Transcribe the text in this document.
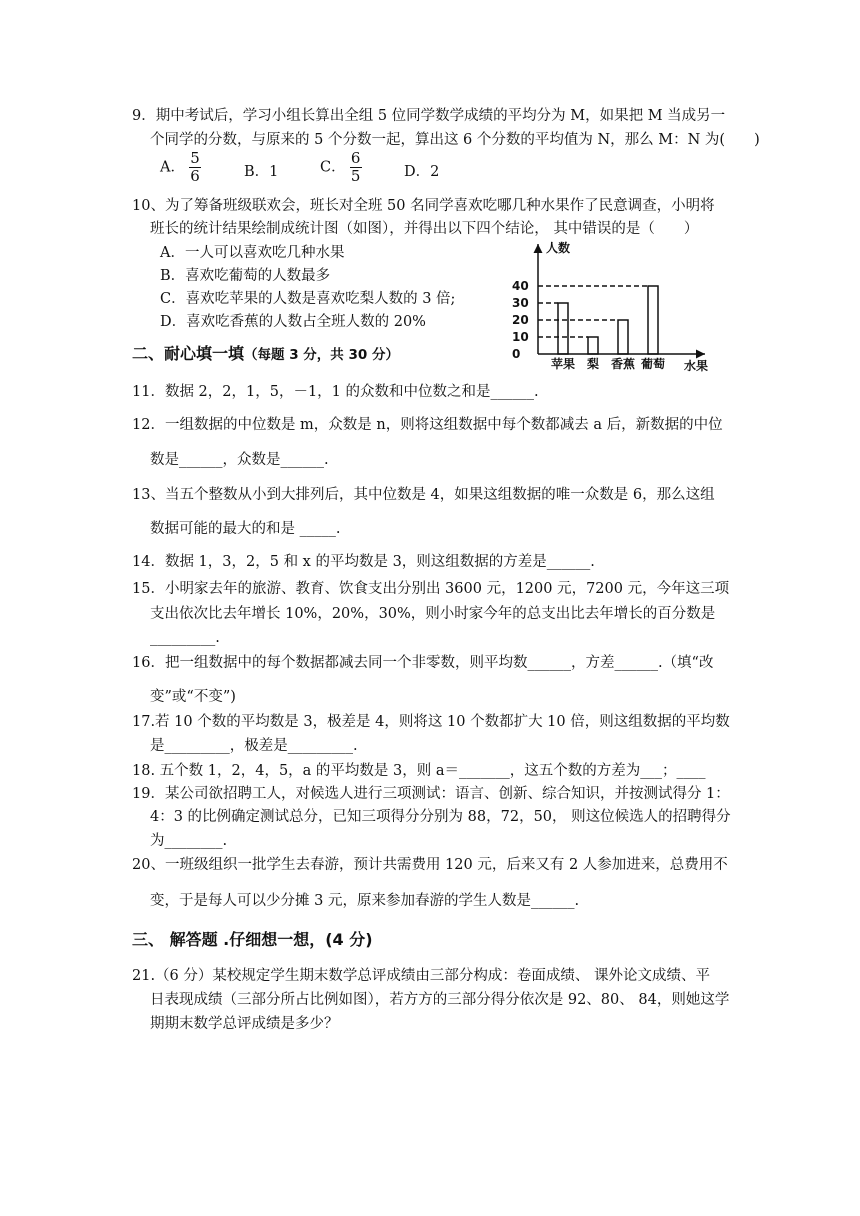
9．期中考试后，学习小组长算出全组 5 位同学数学成绩的平均分为 M，如果把 M 当成另一
个同学的分数，与原来的 5 个分数一起，算出这 6 个分数的平均值为 N，那么 M：N 为(　　)
A． $\frac{5}{6}$	B．1	C． $\frac{6}{5}$	D．2
10、为了筹备班级联欢会，班长对全班 50 名同学喜欢吃哪几种水果作了民意调查，小明将
班长的统计结果绘制成统计图（如图），并得出以下四个结论， 其中错误的是（　　）
A．一人可以喜欢吃几种水果
B．喜欢吃葡萄的人数最多
C．喜欢吃苹果的人数是喜欢吃梨人数的 3 倍;
D．喜欢吃香蕉的人数占全班人数的 20%
人数
水果
0
10
20
30
40
苹果 梨 香蕉 葡萄
二、耐心填一填（每题 3 分，共 30 分）
11．数据 2，2，1，5，－1，1 的众数和中位数之和是______.
12．一组数据的中位数是 m，众数是 n，则将这组数据中每个数都减去 a 后，新数据的中位
数是______，众数是______.
13、当五个整数从小到大排列后，其中位数是 4，如果这组数据的唯一众数是 6，那么这组
数据可能的最大的和是 _____.
14．数据 1，3，2，5 和 x 的平均数是 3，则这组数据的方差是______.
15．小明家去年的旅游、教育、饮食支出分别出 3600 元，1200 元，7200 元，今年这三项
支出依次比去年增长 10%，20%，30%，则小时家今年的总支出比去年增长的百分数是
_________.
16．把一组数据中的每个数据都减去同一个非零数，则平均数______，方差______.（填“改
变”或“不变”)
17.若 10 个数的平均数是 3，极差是 4，则将这 10 个数都扩大 10 倍，则这组数据的平均数
是_________，极差是_________.
18. 五个数 1，2，4，5，a 的平均数是 3，则 a＝_______，这五个数的方差为___；____
19．某公司欲招聘工人，对候选人进行三项测试：语言、创新、综合知识，并按测试得分 1：
4：3 的比例确定测试总分，已知三项得分分别为 88，72，50， 则这位候选人的招聘得分
为________.
20、一班级组织一批学生去春游，预计共需费用 120 元，后来又有 2 人参加进来，总费用不
变，于是每人可以少分摊 3 元，原来参加春游的学生人数是______.
三、 解答题 .仔细想一想，(4 分)
21.（6 分）某校规定学生期末数学总评成绩由三部分构成：卷面成绩、 课外论文成绩、平
日表现成绩（三部分所占比例如图），若方方的三部分得分依次是 92、80、 84，则她这学
期期末数学总评成绩是多少？
